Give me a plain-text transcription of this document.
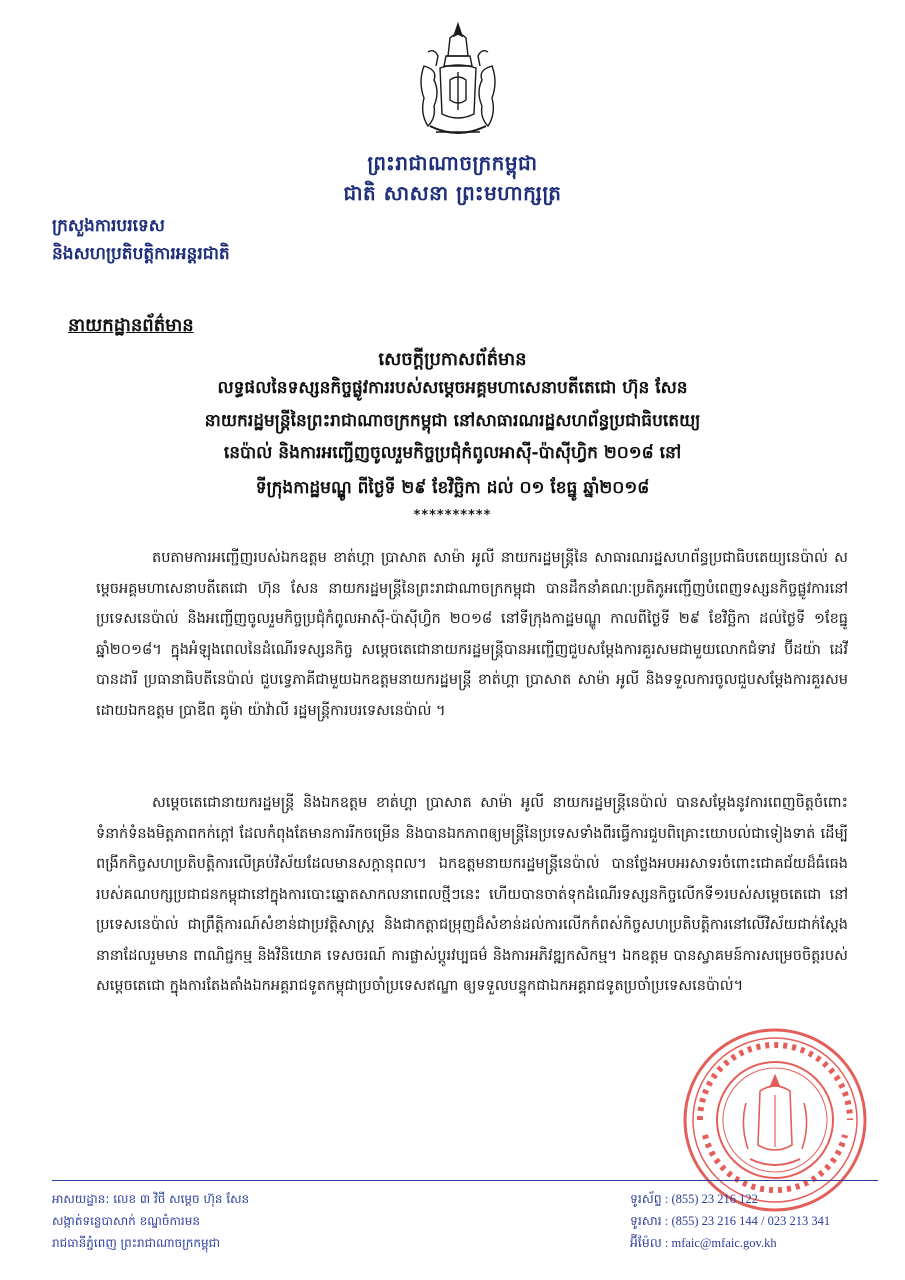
ព្រះរាជាណាចក្រកម្ពុជា
ជាតិ សាសនា ព្រះមហាក្សត្រ
ក្រសួងការបរទេស
និងសហប្រតិបត្តិការអន្តរជាតិ
នាយកដ្ឋានព័ត៌មាន
សេចក្តីប្រកាសព័ត៌មាន
លទ្ធផលនៃទស្សនកិច្ចផ្លូវការរបស់សម្តេចអគ្គមហាសេនាបតីតេជោ ហ៊ុន សែន
នាយករដ្ឋមន្ត្រីនៃព្រះរាជាណាចក្រកម្ពុជា នៅសាធារណរដ្ឋសហព័ន្ធប្រជាធិបតេយ្យ
នេប៉ាល់ និងការអញ្ជើញចូលរួមកិច្ចប្រជុំកំពូលអាស៊ី-ប៉ាស៊ីហ្វិក ២០១៨ នៅ
ទីក្រុងកាដ្ឋមណ្ឌូ ពីថ្ងៃទី ២៩ ខែវិច្ឆិកា ដល់ ០១ ខែធ្នូ ឆ្នាំ២០១៨
**********
តបតាមការអញ្ជើញរបស់ឯកឧត្តម ខាត់ហ្គា ប្រាសាត សាម៉ា អូលី នាយករដ្ឋមន្ត្រីនៃ សាធារណរដ្ឋសហព័ន្ធប្រជាធិបតេយ្យនេប៉ាល់ សម្តេចអគ្គមហាសេនាបតីតេជោ ហ៊ុន សែន នាយករដ្ឋមន្ត្រីនៃព្រះរាជាណាចក្រកម្ពុជា បានដឹកនាំគណៈប្រតិភូអញ្ជើញបំពេញទស្សនកិច្ចផ្លូវការនៅប្រទេសនេប៉ាល់ និងអញ្ជើញចូលរួមកិច្ចប្រជុំកំពូលអាស៊ី-ប៉ាស៊ីហ្វិក ២០១៨ នៅទីក្រុងកាដ្ឋមណ្ឌូ កាលពីថ្ងៃទី ២៩ ខែវិច្ឆិកា ដល់ថ្ងៃទី ១ខែធ្នូ ឆ្នាំ២០១៨។ ក្នុងអំឡុងពេលនៃដំណើរទស្សនកិច្ច សម្តេចតេជោនាយករដ្ឋមន្ត្រីបានអញ្ជើញជួបសម្តែងការគួរសមជាមួយលោកជំទាវ ប៊ីដយ៉ា ដេវី បានដារី ប្រធានាធិបតីនេប៉ាល់ ជួបទ្វេភាគីជាមួយឯកឧត្តមនាយករដ្ឋមន្ត្រី ខាត់ហ្គា ប្រាសាត សាម៉ា អូលី និងទទួលការចូលជួបសម្តែងការគួរសមដោយឯកឧត្តម ប្រាឌីព គូម៉ា យ៉ាវ៉ាលី រដ្ឋមន្ត្រីការបរទេសនេប៉ាល់ ។
សម្តេចតេជោនាយករដ្ឋមន្ត្រី និងឯកឧត្តម ខាត់ហ្គា ប្រាសាត សាម៉ា អូលី នាយករដ្ឋមន្ត្រីនេប៉ាល់ បានសម្តែងនូវការពេញចិត្តចំពោះទំនាក់ទំនងមិត្តភាពកក់ក្តៅ ដែលកំពុងតែមានការរីកចម្រើន និងបានឯកភាពឲ្យមន្ត្រីនៃប្រទេសទាំងពីរធ្វើការជួបពិគ្រោះយោបល់ជាទៀងទាត់ ដើម្បីពង្រីកកិច្ចសហប្រតិបត្តិការលើគ្រប់វិស័យដែលមានសក្តានុពល។ ឯកឧត្តមនាយករដ្ឋមន្ត្រីនេប៉ាល់ បានថ្លែងអបអរសាទរចំពោះជោគជ័យដ៏ធំធេងរបស់គណបក្សប្រជាជនកម្ពុជានៅក្នុងការបោះឆ្នោតសាកលនាពេលថ្មីៗនេះ ហើយបានចាត់ទុកដំណើរទស្សនកិច្ចលើកទី១របស់សម្តេចតេជោ នៅប្រទេសនេប៉ាល់ ជាព្រឹត្តិការណ៍សំខាន់ជាប្រវត្តិសាស្ត្រ និងជាកត្តាជម្រុញដ៏សំខាន់ដល់ការលើកកំពស់កិច្ចសហប្រតិបត្តិការនៅលើវិស័យជាក់ស្តែងនានាដែលរួមមាន ពាណិជ្ជកម្ម និងវិនិយោគ ទេសចរណ៍ ការផ្លាស់ប្តូរវប្បធម៌ និងការអភិវឌ្ឍកសិកម្ម។ ឯកឧត្តម បានស្វាគមន៍ការសម្រេចចិត្តរបស់សម្តេចតេជោ ក្នុងការតែងតាំងឯកអគ្គរាជទូតកម្ពុជាប្រចាំប្រទេសឥណ្ឌា ឲ្យទទួលបន្ទុកជាឯកអគ្គរាជទូតប្រចាំប្រទេសនេប៉ាល់។
អាសយដ្ឋាន: លេខ ៣ វិថី សម្តេច ហ៊ុន សែន
សង្កាត់ទន្លេបាសាក់ ខណ្ឌចំការមន
រាជធានីភ្នំពេញ ព្រះរាជាណាចក្រកម្ពុជា
ទូរស័ព្ទ : (855) 23 216 122
ទូរសារ : (855) 23 216 144 / 023 213 341
អ៊ីម៉ែល : mfaic@mfaic.gov.kh
